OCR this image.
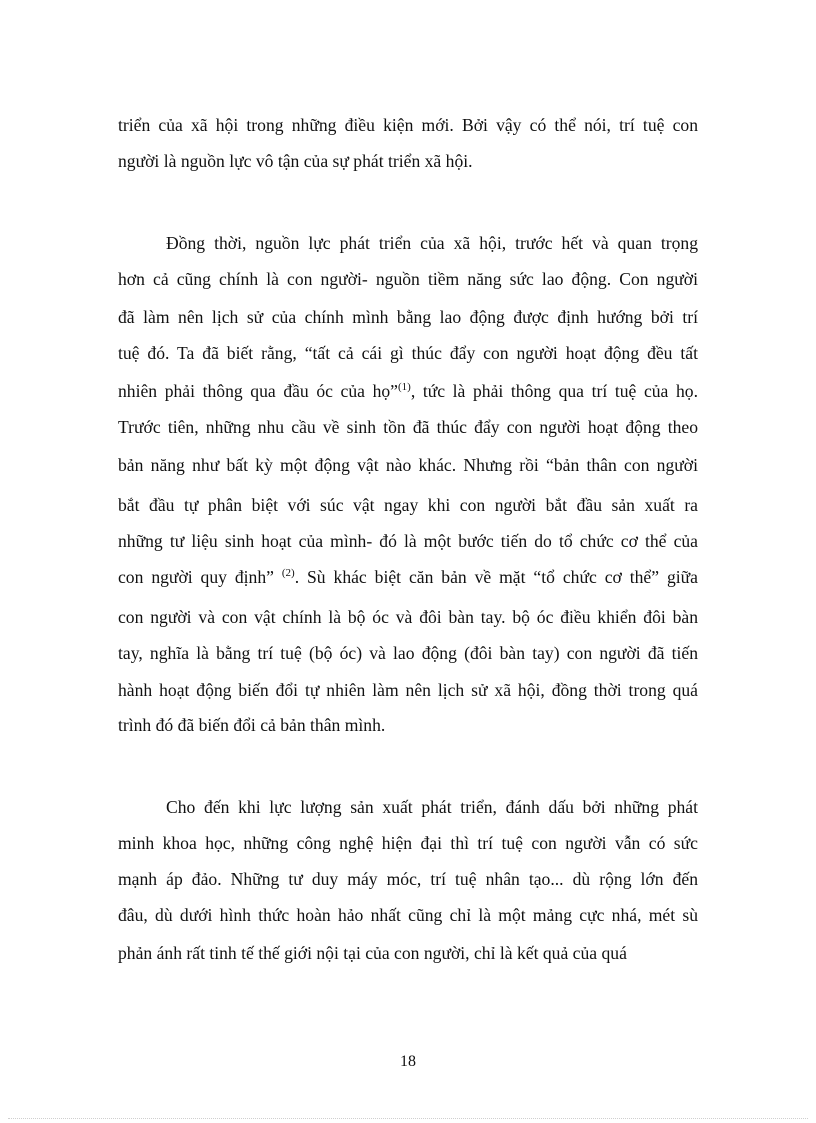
triển của xã hội trong những điều kiện mới. Bởi vậy có thể nói, trí tuệ con
người là nguồn lực vô tận của sự phát triển xã hội.
Đồng thời, nguồn lực phát triển của xã hội, trước hết và quan trọng
hơn cả cũng chính là con người- nguồn tiềm năng sức lao động. Con người
đã làm nên lịch sử của chính mình bằng lao động được định hướng bởi trí
tuệ đó. Ta đã biết rằng, “tất cả cái gì thúc đẩy con người hoạt động đều tất
nhiên phải thông qua đầu óc của họ”$^{(1)}$, tức là phải thông qua trí tuệ của họ.
Trước tiên, những nhu cầu về sinh tồn đã thúc đẩy con người hoạt động theo
bản năng như bất kỳ một động vật nào khác. Nhưng rồi “bản thân con người
bắt đầu tự phân biệt với súc vật ngay khi con người bắt đầu sản xuất ra
những tư liệu sinh hoạt của mình- đó là một bước tiến do tổ chức cơ thể của
con người quy định” $^{(2)}$. Sù khác biệt căn bản về mặt “tổ chức cơ thể” giữa
con người và con vật chính là bộ óc và đôi bàn tay. bộ óc điều khiển đôi bàn
tay, nghĩa là bằng trí tuệ (bộ óc) và lao động (đôi bàn tay) con người đã tiến
hành hoạt động biến đổi tự nhiên làm nên lịch sử xã hội, đồng thời trong quá
trình đó đã biến đổi cả bản thân mình.
Cho đến khi lực lượng sản xuất phát triển, đánh dấu bởi những phát
minh khoa học, những công nghệ hiện đại thì trí tuệ con người vẫn có sức
mạnh áp đảo. Những tư duy máy móc, trí tuệ nhân tạo... dù rộng lớn đến
đâu, dù dưới hình thức hoàn hảo nhất cũng chỉ là một mảng cực nhá, mét sù
phản ánh rất tinh tế thế giới nội tại của con người, chỉ là kết quả của quá
18
